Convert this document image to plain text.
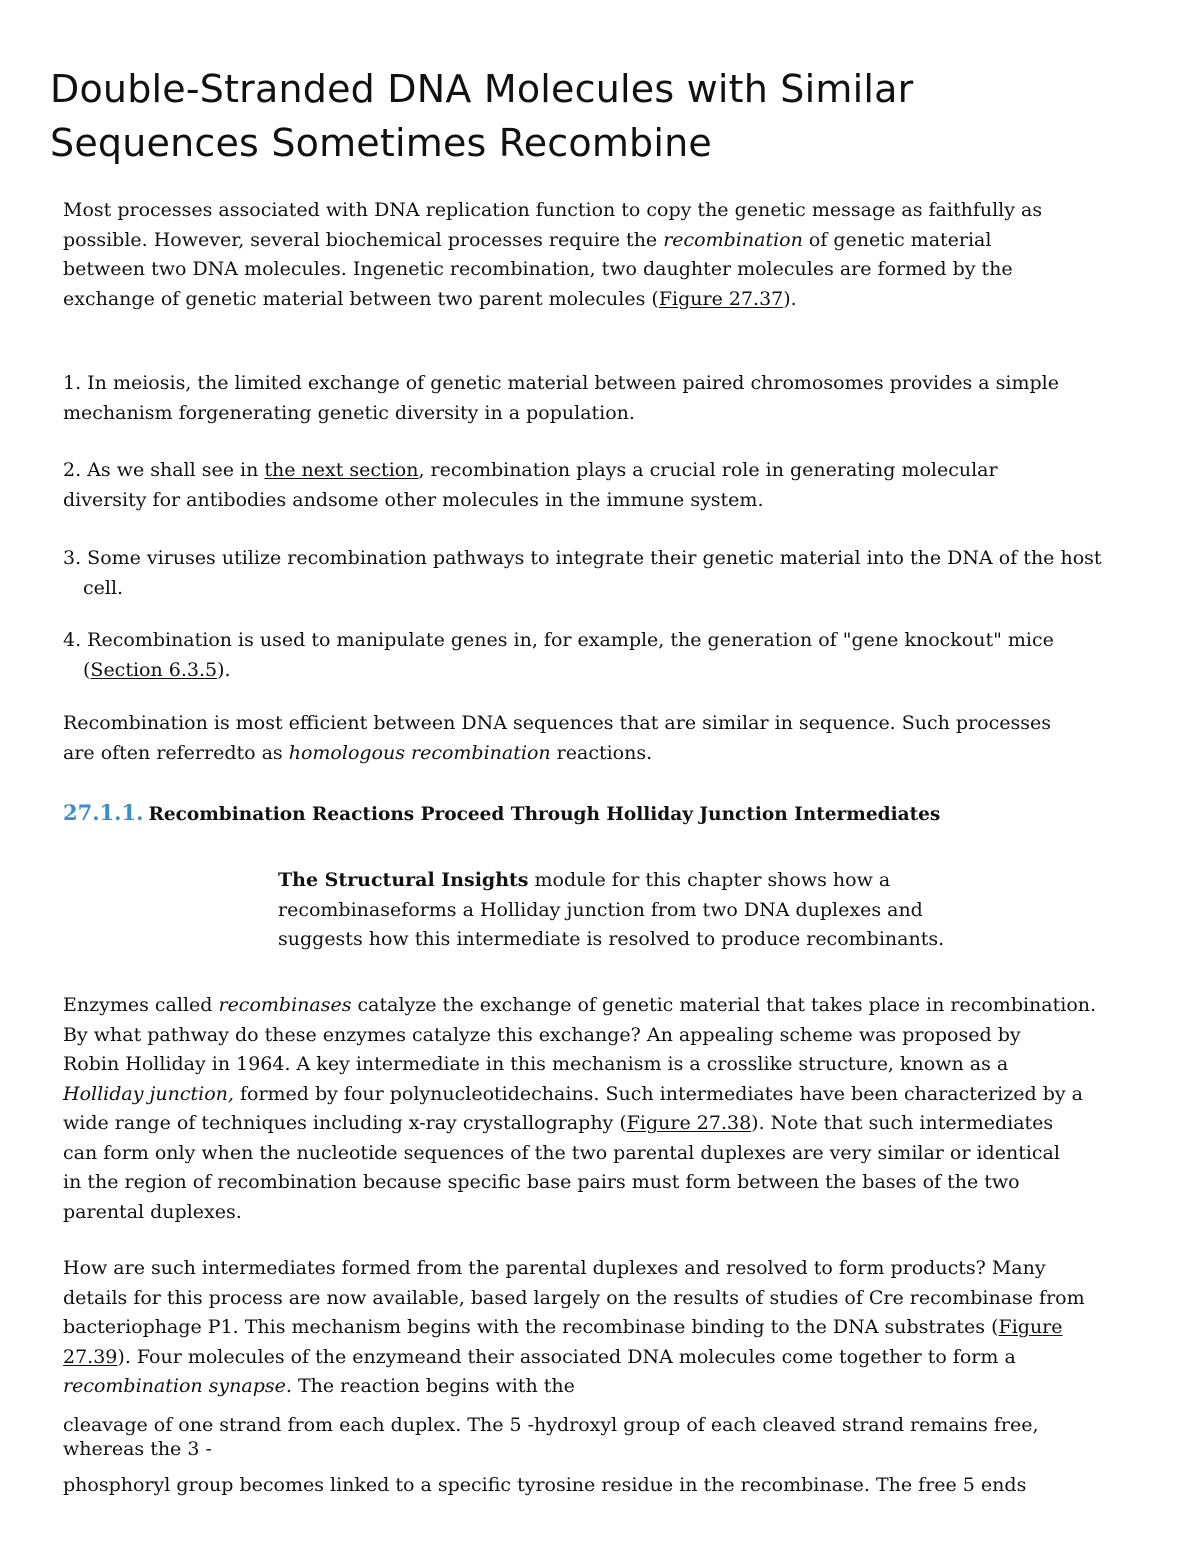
Double-Stranded DNA Molecules with Similar
Sequences Sometimes Recombine
Most processes associated with DNA replication function to copy the genetic message as faithfully as
possible. However, several biochemical processes require the recombination of genetic material
between two DNA molecules. Ingenetic recombination, two daughter molecules are formed by the
exchange of genetic material between two parent molecules (Figure 27.37).
1. In meiosis, the limited exchange of genetic material between paired chromosomes provides a simple
mechanism forgenerating genetic diversity in a population.
2. As we shall see in the next section, recombination plays a crucial role in generating molecular
diversity for antibodies andsome other molecules in the immune system.
3. Some viruses utilize recombination pathways to integrate their genetic material into the DNA of the host
cell.
4. Recombination is used to manipulate genes in, for example, the generation of "gene knockout" mice
(Section 6.3.5).
Recombination is most efficient between DNA sequences that are similar in sequence. Such processes
are often referredto as homologous recombination reactions.
27.1.1. Recombination Reactions Proceed Through Holliday Junction Intermediates
The Structural Insights module for this chapter shows how a
recombinaseforms a Holliday junction from two DNA duplexes and
suggests how this intermediate is resolved to produce recombinants.
Enzymes called recombinases catalyze the exchange of genetic material that takes place in recombination.
By what pathway do these enzymes catalyze this exchange? An appealing scheme was proposed by
Robin Holliday in 1964. A key intermediate in this mechanism is a crosslike structure, known as a
Holliday junction, formed by four polynucleotidechains. Such intermediates have been characterized by a
wide range of techniques including x-ray crystallography (Figure 27.38). Note that such intermediates
can form only when the nucleotide sequences of the two parental duplexes are very similar or identical
in the region of recombination because specific base pairs must form between the bases of the two
parental duplexes.
How are such intermediates formed from the parental duplexes and resolved to form products? Many
details for this process are now available, based largely on the results of studies of Cre recombinase from
bacteriophage P1. This mechanism begins with the recombinase binding to the DNA substrates (Figure
27.39). Four molecules of the enzymeand their associated DNA molecules come together to form a
recombination synapse. The reaction begins with the
cleavage of one strand from each duplex. The 5 -hydroxyl group of each cleaved strand remains free,
whereas the 3 -
phosphoryl group becomes linked to a specific tyrosine residue in the recombinase. The free 5 ends
